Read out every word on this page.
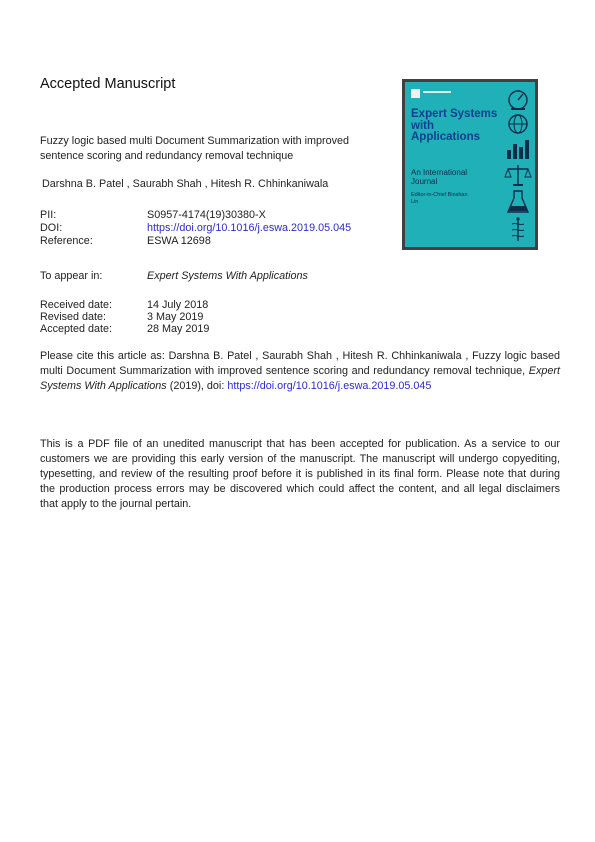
Accepted Manuscript
Fuzzy logic based multi Document Summarization with improved sentence scoring and redundancy removal technique
Darshna B. Patel , Saurabh Shah , Hitesh R. Chhinkaniwala
PII:	S0957-4174(19)30380-X
DOI:	https://doi.org/10.1016/j.eswa.2019.05.045
Reference:	ESWA 12698
To appear in:	Expert Systems With Applications
Received date:	14 July 2018
Revised date:	3 May 2019
Accepted date:	28 May 2019
Please cite this article as: Darshna B. Patel , Saurabh Shah , Hitesh R. Chhinkaniwala , Fuzzy logic based multi Document Summarization with improved sentence scoring and redundancy removal technique, Expert Systems With Applications (2019), doi: https://doi.org/10.1016/j.eswa.2019.05.045
This is a PDF file of an unedited manuscript that has been accepted for publication. As a service to our customers we are providing this early version of the manuscript. The manuscript will undergo copyediting, typesetting, and review of the resulting proof before it is published in its final form. Please note that during the production process errors may be discovered which could affect the content, and all legal disclaimers that apply to the journal pertain.
Expert Systems with Applications
An International Journal
Editor-in-Chief Binshan Lin
